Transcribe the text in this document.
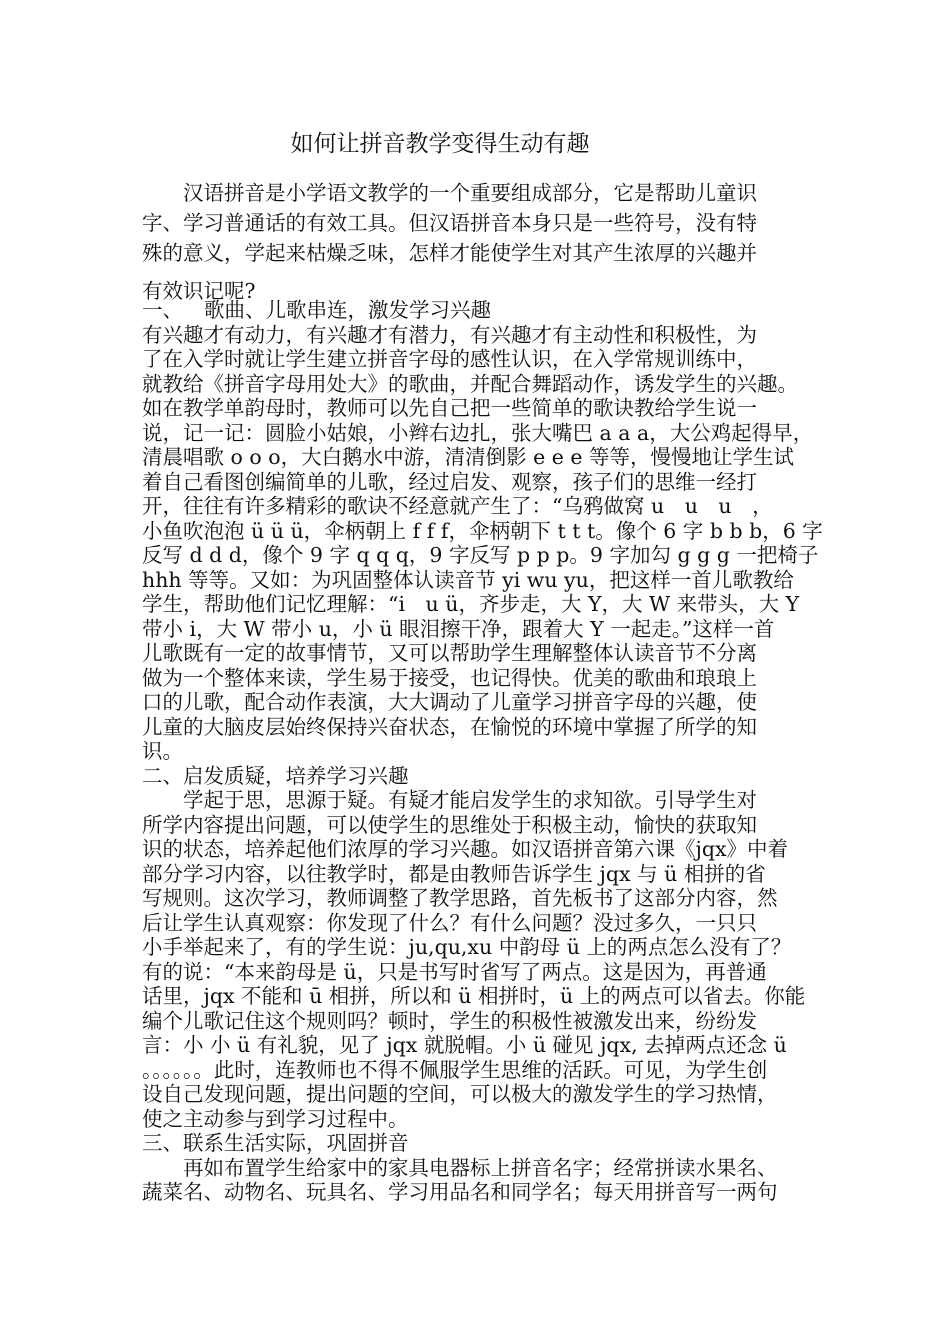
如何让拼音教学变得生动有趣
汉语拼音是小学语文教学的一个重要组成部分，它是帮助儿童识
字、学习普通话的有效工具。但汉语拼音本身只是一些符号，没有特
殊的意义，学起来枯燥乏味，怎样才能使学生对其产生浓厚的兴趣并
有效识记呢?
一、 歌曲、儿歌串连，激发学习兴趣
有兴趣才有动力，有兴趣才有潜力，有兴趣才有主动性和积极性，为
了在入学时就让学生建立拼音字母的感性认识，在入学常规训练中，
就教给《拼音字母用处大》的歌曲，并配合舞蹈动作，诱发学生的兴趣。
如在教学单韵母时，教师可以先自己把一些简单的歌诀教给学生说一
说，记一记：圆脸小姑娘，小辫右边扎，张大嘴巴 a a a，大公鸡起得早，
清晨唱歌 o o o，大白鹅水中游，清清倒影 e e e 等等，慢慢地让学生试
着自己看图创编简单的儿歌，经过启发、观察，孩子们的思维一经打
开，往往有许多精彩的歌诀不经意就产生了：“乌鸦做窝 u　u　u　，
小鱼吹泡泡 ü ü ü，伞柄朝上 f f f，伞柄朝下 t t t。像个 6 字 b b b，6 字
反写 d d d，像个 9 字 q q q，9 字反写 p p p。9 字加勾 g g g 一把椅子
hhh 等等。又如：为巩固整体认读音节 yi wu yu，把这样一首儿歌教给
学生，帮助他们记忆理解：“i　u ü，齐步走，大 Y，大 W 来带头，大 Y
带小 i，大 W 带小 u，小 ü 眼泪擦干净，跟着大 Y 一起走。”这样一首
儿歌既有一定的故事情节，又可以帮助学生理解整体认读音节不分离
做为一个整体来读，学生易于接受，也记得快。优美的歌曲和琅琅上
口的儿歌，配合动作表演，大大调动了儿童学习拼音字母的兴趣，使
儿童的大脑皮层始终保持兴奋状态，在愉悦的环境中掌握了所学的知
识。
二、启发质疑，培养学习兴趣
学起于思，思源于疑。有疑才能启发学生的求知欲。引导学生对
所学内容提出问题，可以使学生的思维处于积极主动，愉快的获取知
识的状态，培养起他们浓厚的学习兴趣。如汉语拼音第六课《jqx》中着
部分学习内容，以往教学时，都是由教师告诉学生 jqx 与 ü 相拼的省
写规则。这次学习，教师调整了教学思路，首先板书了这部分内容，然
后让学生认真观察：你发现了什么？有什么问题？没过多久，一只只
小手举起来了，有的学生说：ju,qu,xu 中韵母 ü 上的两点怎么没有了？
有的说：“本来韵母是 ü，只是书写时省写了两点。这是因为，再普通
话里，jqx 不能和 ū 相拼，所以和 ü 相拼时，ü 上的两点可以省去。你能
编个儿歌记住这个规则吗？顿时，学生的积极性被激发出来，纷纷发
言：小 小 ü 有礼貌，见了 jqx 就脱帽。小 ü 碰见 jqx, 去掉两点还念 ü
。。。。。。此时，连教师也不得不佩服学生思维的活跃。可见，为学生创
设自己发现问题，提出问题的空间，可以极大的激发学生的学习热情，
使之主动参与到学习过程中。
三、联系生活实际，巩固拼音
再如布置学生给家中的家具电器标上拼音名字；经常拼读水果名、
蔬菜名、动物名、玩具名、学习用品名和同学名；每天用拼音写一两句
